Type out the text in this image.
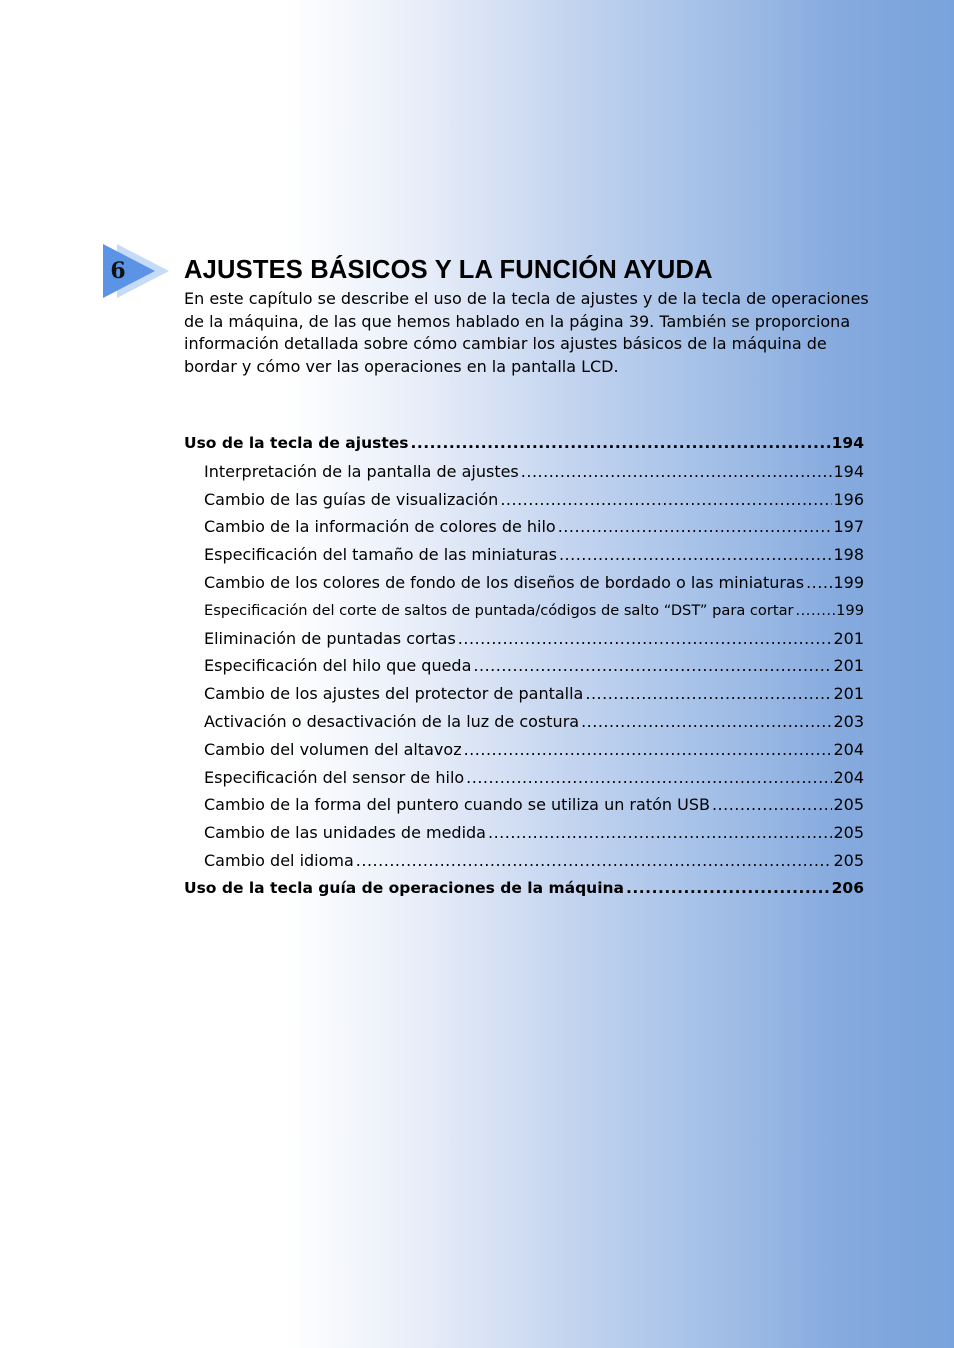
6 AJUSTES BÁSICOS Y LA FUNCIÓN AYUDA

En este capítulo se describe el uso de la tecla de ajustes y de la tecla de operaciones de la máquina, de las que hemos hablado en la página 39. También se proporciona información detallada sobre cómo cambiar los ajustes básicos de la máquina de bordar y cómo ver las operaciones en la pantalla LCD.

Uso de la tecla de ajustes .....	194
Interpretación de la pantalla de ajustes .....	194
Cambio de las guías de visualización .....	196
Cambio de la información de colores de hilo .....	197
Especificación del tamaño de las miniaturas .....	198
Cambio de los colores de fondo de los diseños de bordado o las miniaturas ..... 199
Especificación del corte de saltos de puntada/códigos de salto “DST” para cortar .....	199
Eliminación de puntadas cortas .....	201
Especificación del hilo que queda .....	201
Cambio de los ajustes del protector de pantalla .....	201
Activación o desactivación de la luz de costura .....	203
Cambio del volumen del altavoz .....	204
Especificación del sensor de hilo .....	204
Cambio de la forma del puntero cuando se utiliza un ratón USB .....	205
Cambio de las unidades de medida .....	205
Cambio del idioma .....	205
Uso de la tecla guía de operaciones de la máquina .....	206
